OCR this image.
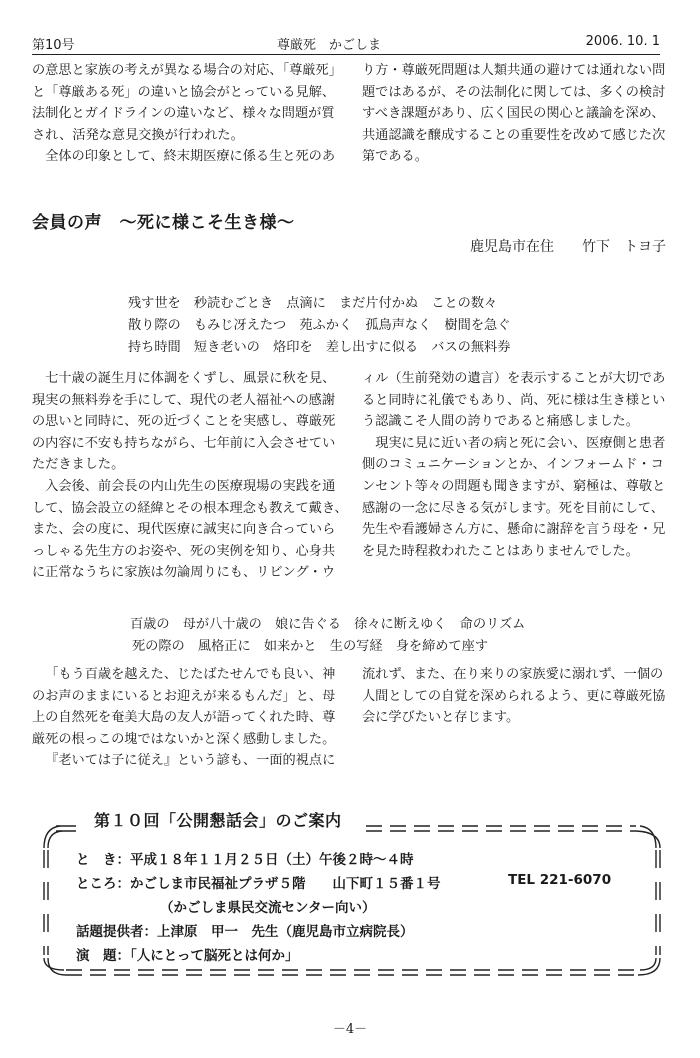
第10号	尊厳死　かごしま	2006. 10. 1

の意思と家族の考えが異なる場合の対応、「尊厳死」

と「尊厳ある死」の違いと協会がとっている見解、

法制化とガイドラインの違いなど、様々な問題が質

され、活発な意見交換が行われた。

全体の印象として、終末期医療に係る生と死のあ

り方・尊厳死問題は人類共通の避けては通れない問

題ではあるが、その法制化に関しては、多くの検討

すべき課題があり、広く国民の関心と議論を深め、

共通認識を醸成することの重要性を改めて感じた次

第である。

会員の声　～死に様こそ生き様～
鹿児島市在住　　竹下　トヨ子
残す世を　秒読むごとき　点滴に　まだ片付かぬ　ことの数々
散り際の　もみじ冴えたつ　苑ふかく　孤鳥声なく　樹間を急ぐ
持ち時間　短き老いの　烙印を　差し出すに似る　バスの無料券

七十歳の誕生月に体調をくずし、風景に秋を見、

現実の無料券を手にして、現代の老人福祉への感謝

の思いと同時に、死の近づくことを実感し、尊厳死

の内容に不安も持ちながら、七年前に入会させてい

ただきました。

入会後、前会長の内山先生の医療現場の実践を通

して、協会設立の経緯とその根本理念も教えて戴き、

また、会の度に、現代医療に誠実に向き合っていら

っしゃる先生方のお姿や、死の実例を知り、心身共

に正常なうちに家族は勿論周りにも、リビング・ウ

ィル（生前発効の遺言）を表示することが大切であ

ると同時に礼儀でもあり、尚、死に様は生き様とい

う認識こそ人間の誇りであると痛感しました。

現実に見に近い者の病と死に会い、医療側と患者

側のコミュニケーションとか、インフォームド・コ

ンセント等々の問題も聞きますが、窮極は、尊敬と

感謝の一念に尽きる気がします。死を目前にして、

先生や看護婦さん方に、懸命に謝辞を言う母を・兄

を見た時程救われたことはありませんでした。

百歳の　母が八十歳の　娘に告ぐる　徐々に断えゆく　命のリズム
死の際の　風格正に　如来かと　生の写経　身を締めて座す

「もう百歳を越えた、じたばたせんでも良い、神

のお声のままにいるとお迎えが来るもんだ」と、母

上の自然死を奄美大島の友人が語ってくれた時、尊

厳死の根っこの塊ではないかと深く感動しました。

『老いては子に従え』という諺も、一面的視点に

流れず、また、在り来りの家族愛に溺れず、一個の

人間としての自覚を深められるよう、更に尊厳死協

会に学びたいと存じます。

第１０回「公開懇話会」のご案内
と　き：平成１８年１１月２５日（土）午後２時～４時
ところ：かごしま市民福祉プラザ５階　　山下町１５番１号
（かごしま県民交流センター向い）
話題提供者：上津原　甲一　先生（鹿児島市立病院長）
演　題：「人にとって脳死とは何か」
TEL 221-6070
－4－
